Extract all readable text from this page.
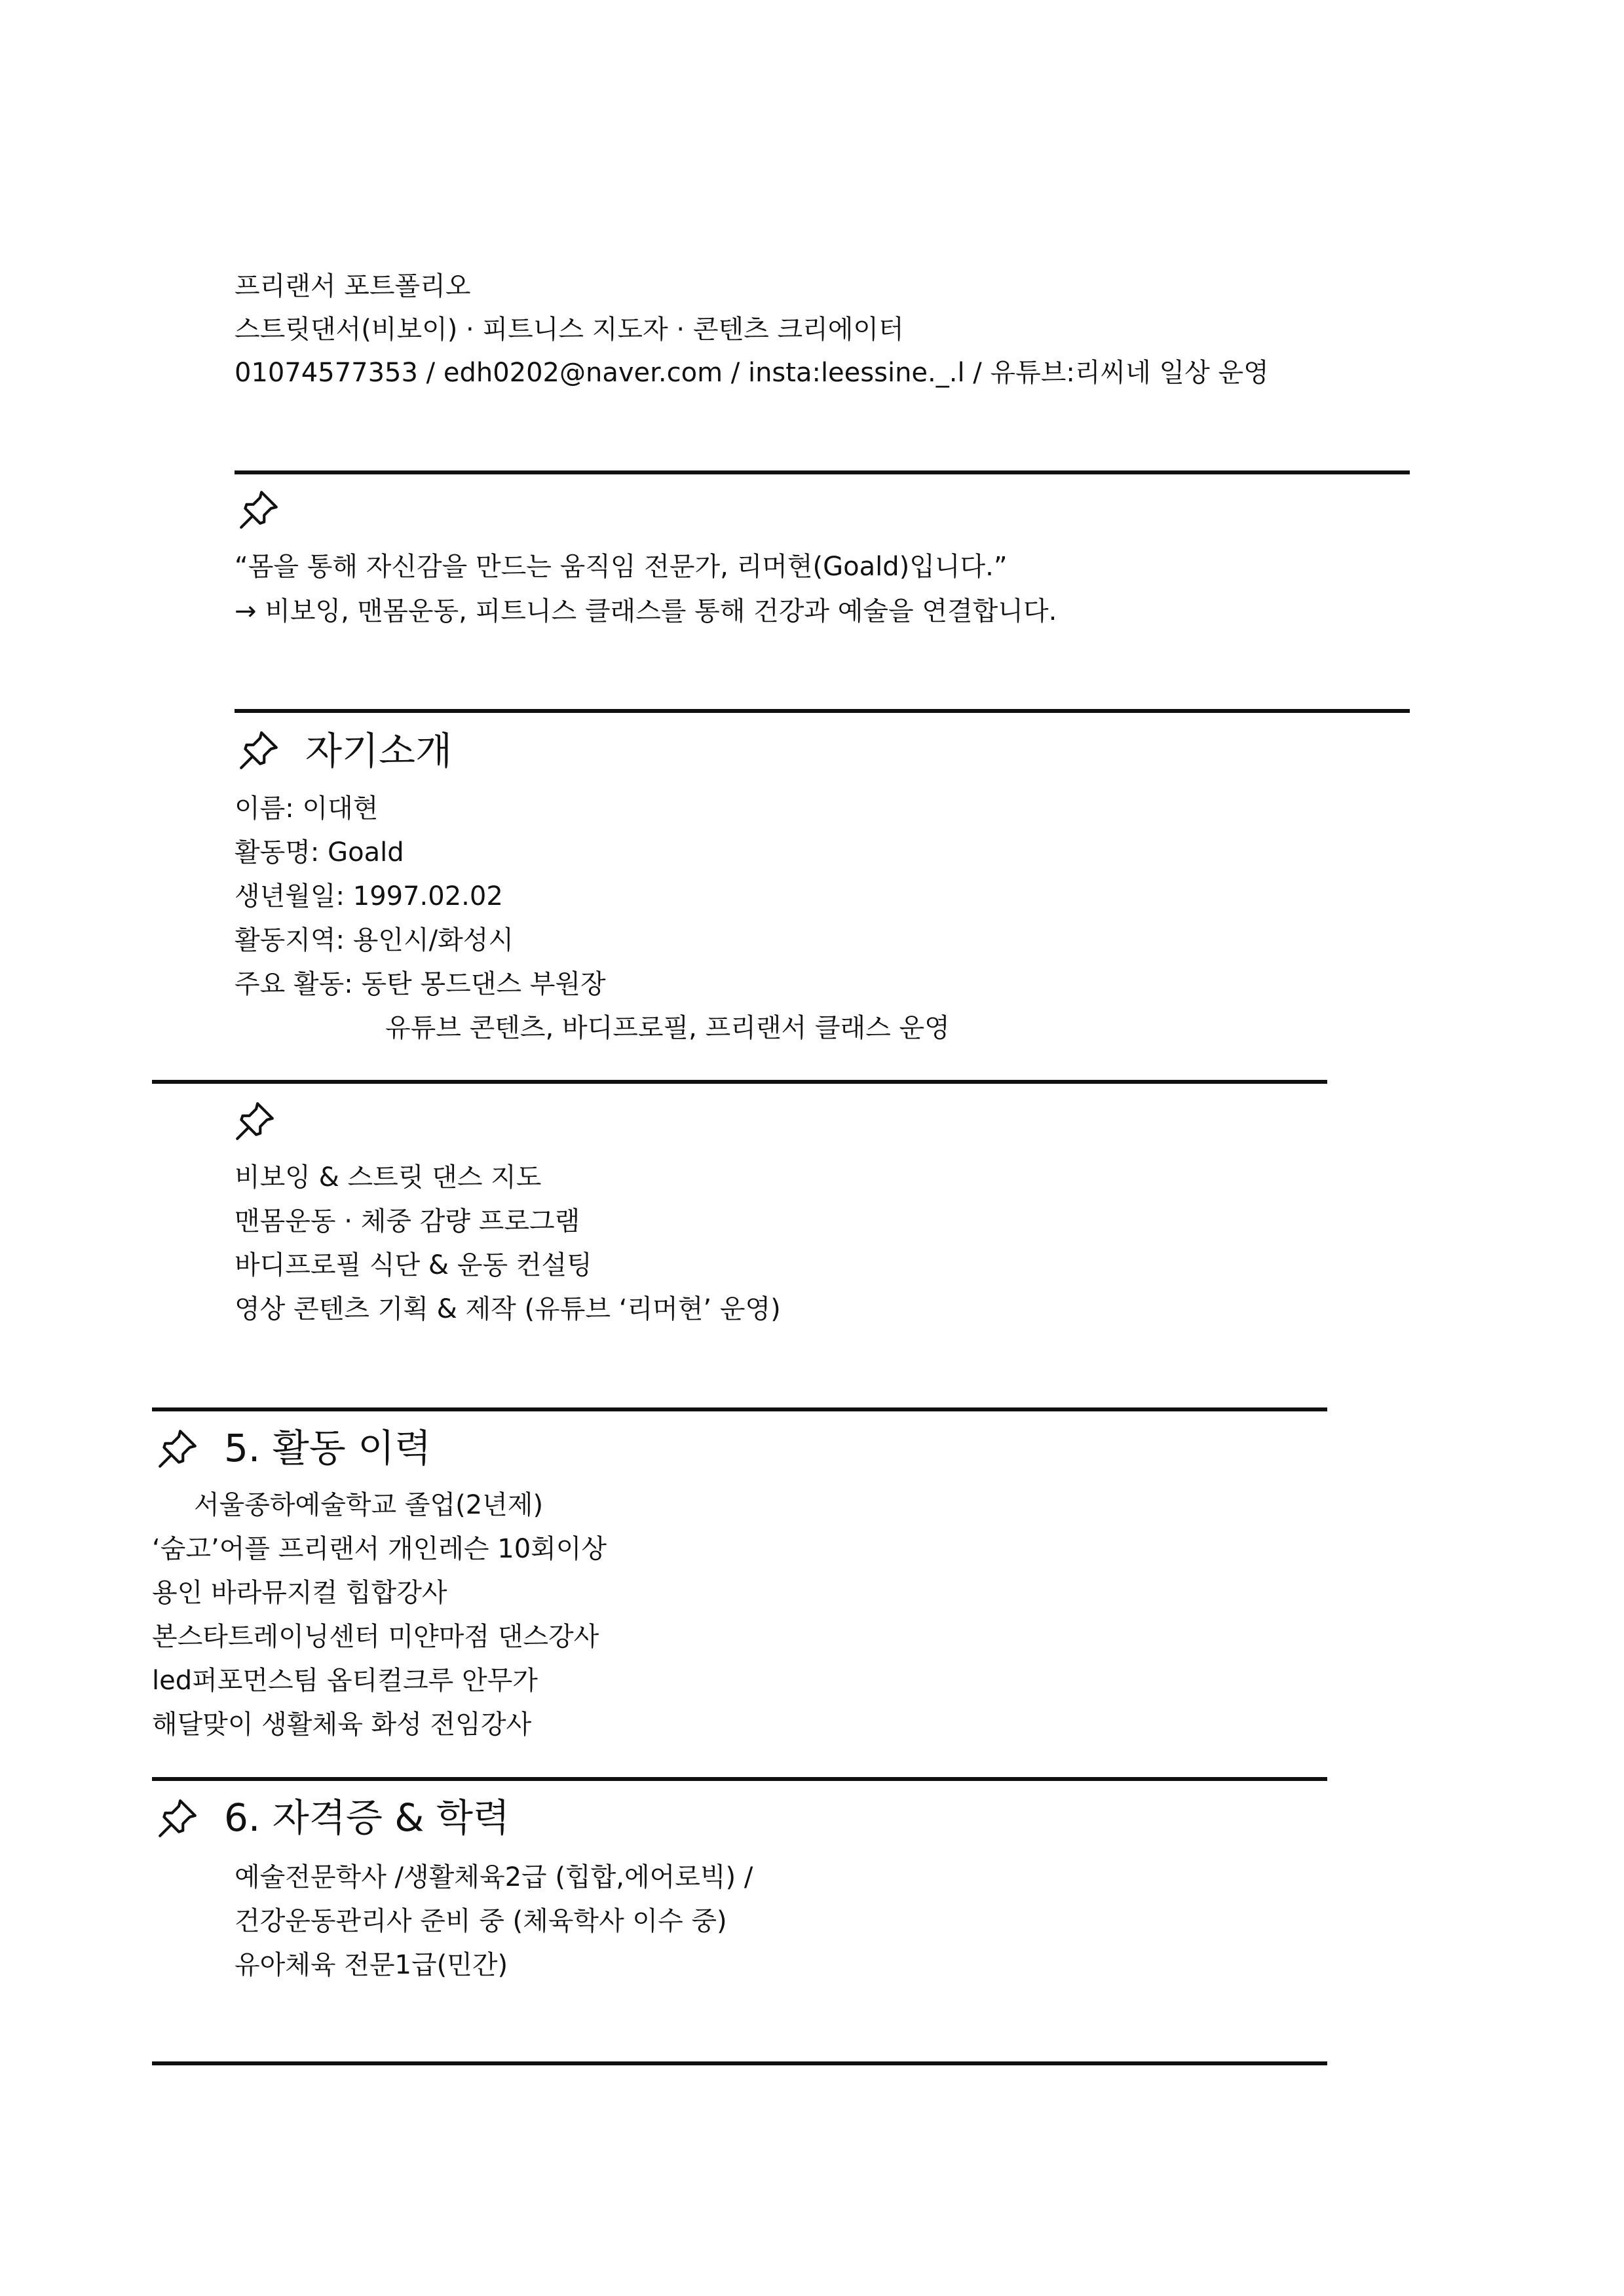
프리랜서 포트폴리오
스트릿댄서(비보이) · 피트니스 지도자 · 콘텐츠 크리에이터
01074577353 / edh0202@naver.com / insta:leessine._.l / 유튜브:리씨네 일상 운영
“몸을 통해 자신감을 만드는 움직임 전문가, 리머현(Goald)입니다.”
→ 비보잉, 맨몸운동, 피트니스 클래스를 통해 건강과 예술을 연결합니다.
자기소개
이름: 이대현
활동명: Goald
생년월일: 1997.02.02
활동지역: 용인시/화성시
주요 활동: 동탄 몽드댄스 부원장
유튜브 콘텐츠, 바디프로필, 프리랜서 클래스 운영
비보잉 & 스트릿 댄스 지도
맨몸운동 · 체중 감량 프로그램
바디프로필 식단 & 운동 컨설팅
영상 콘텐츠 기획 & 제작 (유튜브 ‘리머현’ 운영)
5. 활동 이력
서울종하예술학교 졸업(2년제)
‘숨고’어플 프리랜서 개인레슨 10회이상
용인 바라뮤지컬 힙합강사
본스타트레이닝센터 미얀마점 댄스강사
led퍼포먼스팀 옵티컬크루 안무가
해달맞이 생활체육 화성 전임강사
6. 자격증 & 학력
예술전문학사 /생활체육2급 (힙합,에어로빅) /
건강운동관리사 준비 중 (체육학사 이수 중)
유아체육 전문1급(민간)
